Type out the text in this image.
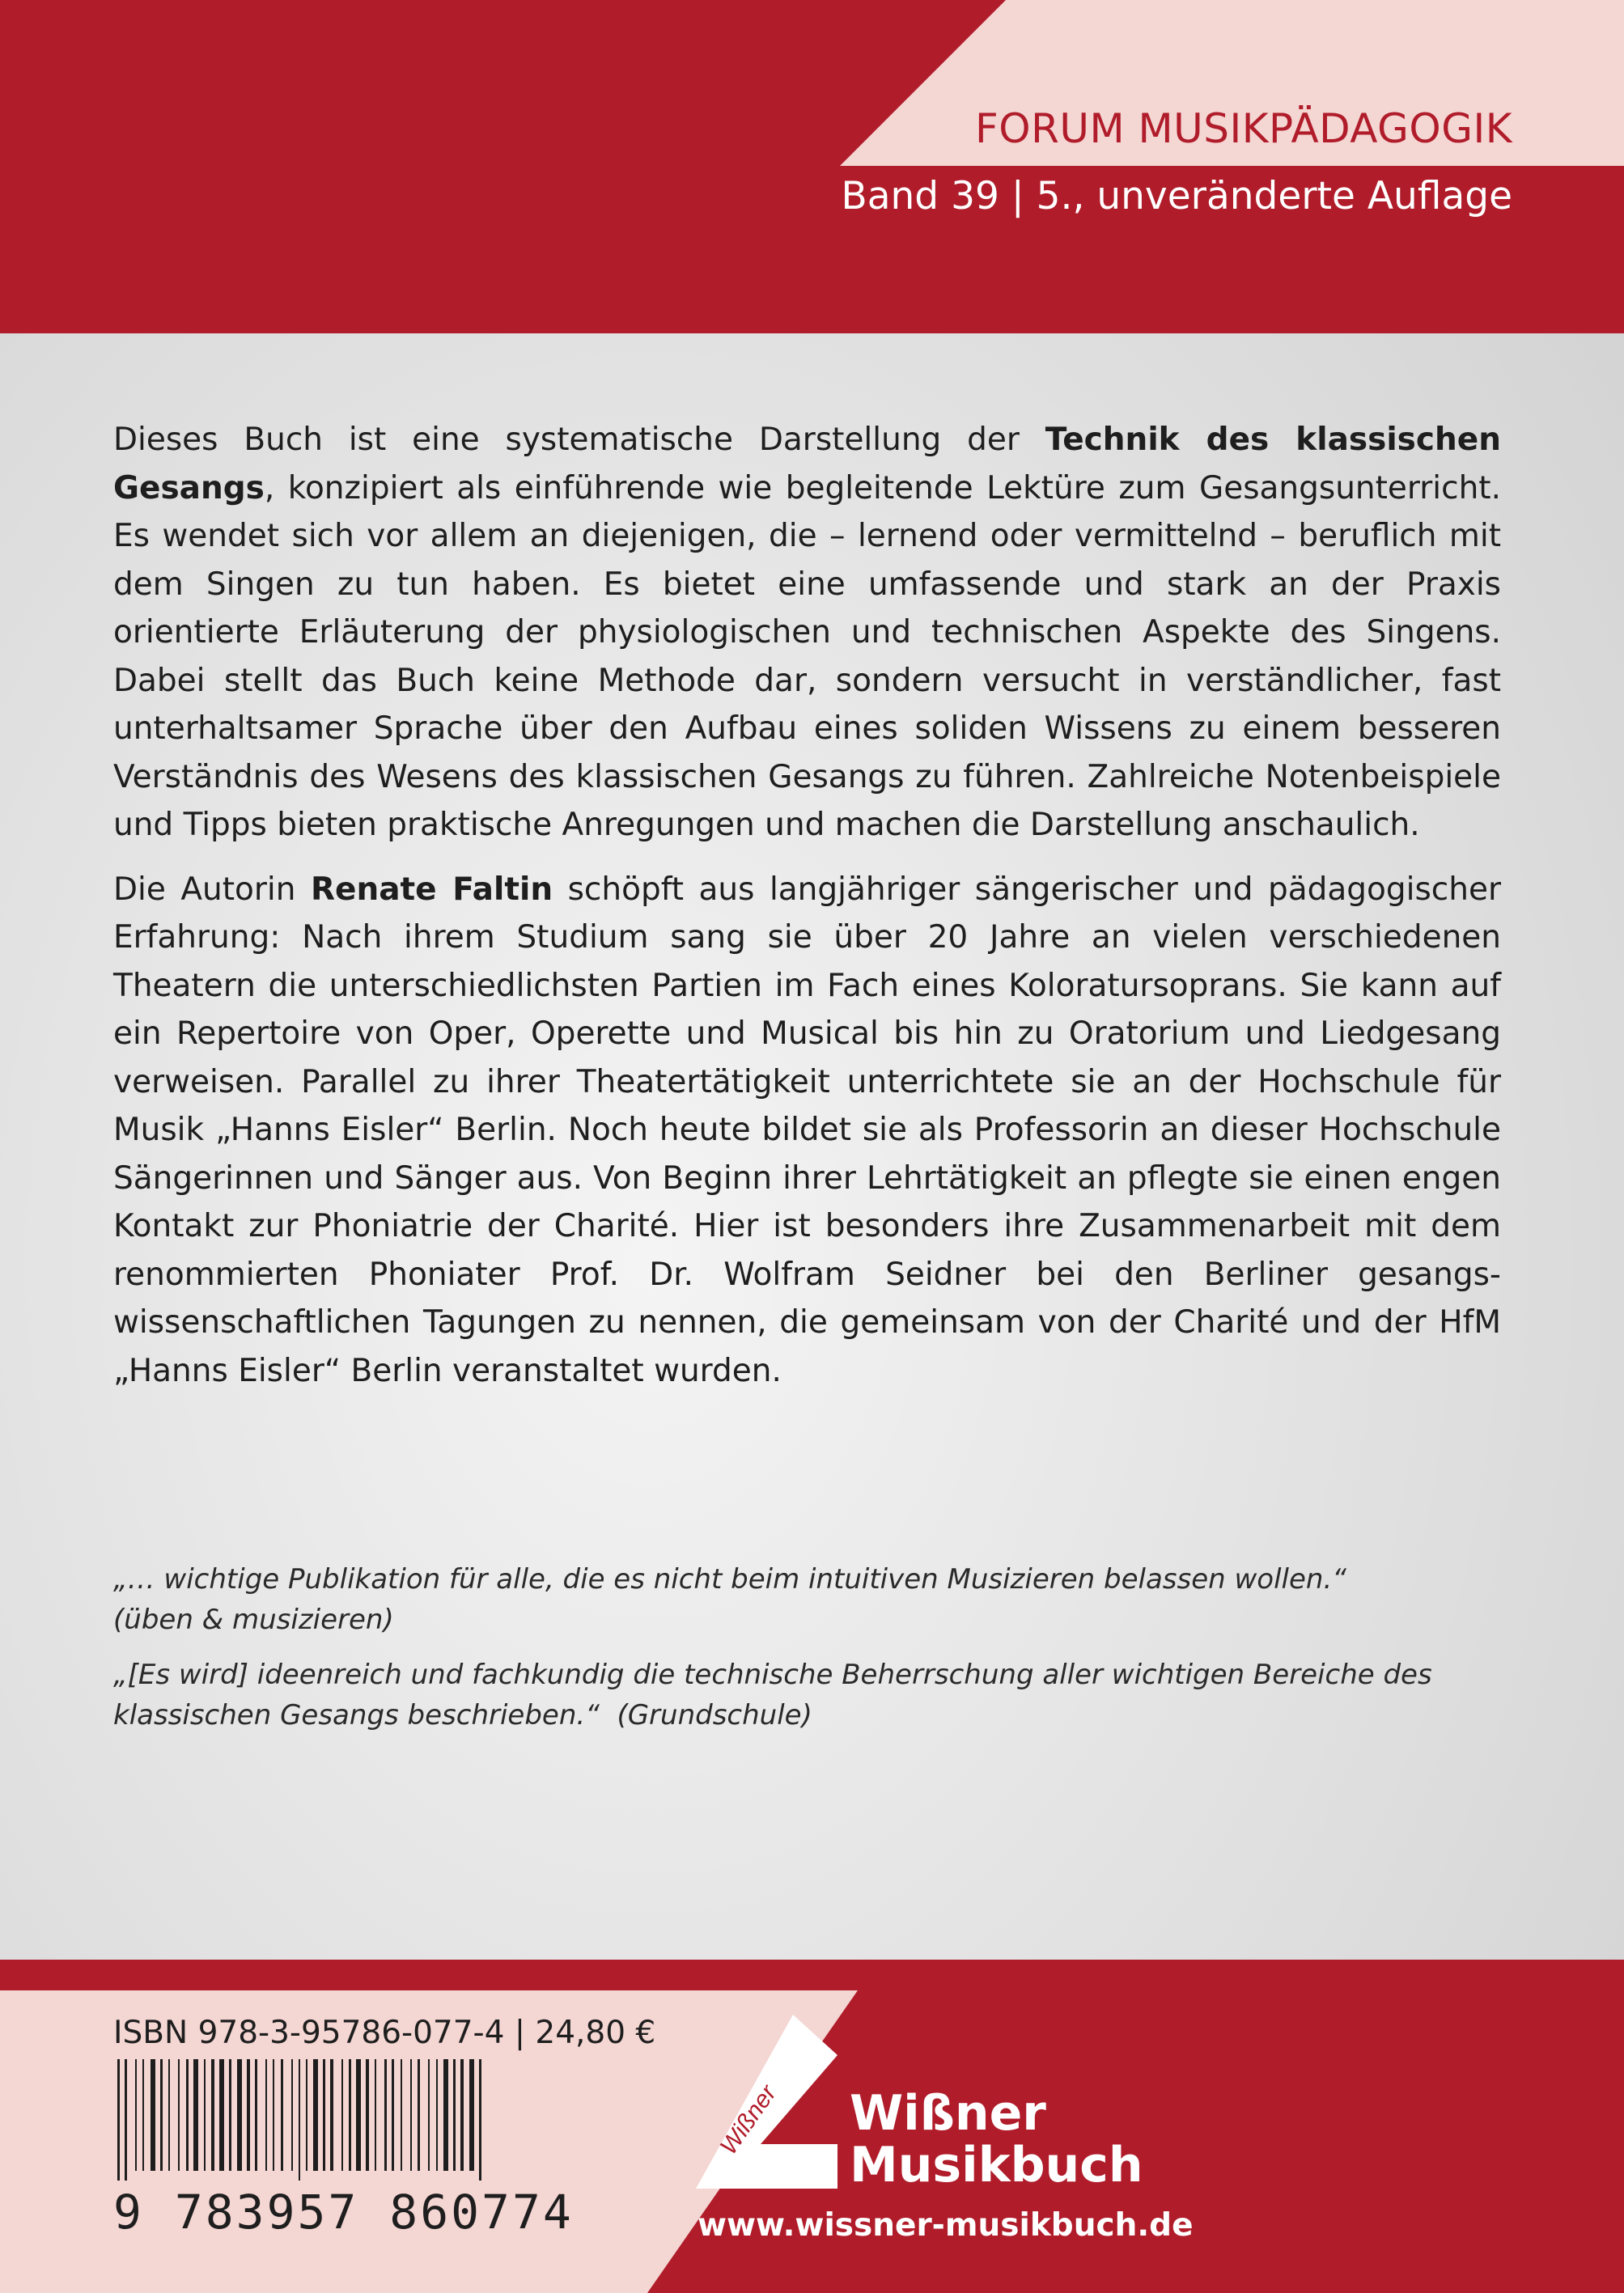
FORUM MUSIKPÄDAGOGIK
Band 39 | 5., unveränderte Auflage

Dieses Buch ist eine systematische Darstellung der Technik des klassischen Gesangs, konzipiert als einführende wie begleitende Lektüre zum Gesangsunterricht. Es wendet sich vor allem an diejenigen, die – lernend oder vermittelnd – beruflich mit dem Singen zu tun haben. Es bietet eine umfassende und stark an der Praxis orientierte Erläuterung der physiologischen und technischen Aspekte des Singens. Dabei stellt das Buch keine Methode dar, sondern versucht in verständlicher, fast unterhaltsamer Sprache über den Aufbau eines soliden Wissens zu einem besseren Verständnis des Wesens des klassischen Gesangs zu führen. Zahlreiche Notenbeispiele und Tipps bieten praktische Anregungen und machen die Darstellung anschaulich.

Die Autorin Renate Faltin schöpft aus langjähriger sängerischer und pädagogischer Erfahrung: Nach ihrem Studium sang sie über 20 Jahre an vielen verschiedenen Theatern die unterschiedlichsten Partien im Fach eines Koloratursoprans. Sie kann auf ein Repertoire von Oper, Operette und Musical bis hin zu Oratorium und Liedgesang verweisen. Parallel zu ihrer Theatertätigkeit unterrichtete sie an der Hochschule für Musik „Hanns Eisler“ Berlin. Noch heute bildet sie als Professorin an dieser Hochschule Sängerinnen und Sänger aus. Von Beginn ihrer Lehrtätigkeit an pflegte sie einen engen Kontakt zur Phoniatrie der Charité. Hier ist besonders ihre Zusammenarbeit mit dem renommierten Phoniater Prof. Dr. Wolfram Seidner bei den Berliner gesangswissenschaftlichen Tagungen zu nennen, die gemeinsam von der Charité und der HfM „Hanns Eisler“ Berlin veranstaltet wurden.

„… wichtige Publikation für alle, die es nicht beim intuitiven Musizieren belassen wollen.“
(üben & musizieren)

„[Es wird] ideenreich und fachkundig die technische Beherrschung aller wichtigen Bereiche des klassischen Gesangs beschrieben.“ (Grundschule)

ISBN 978-3-95786-077-4 | 24,80 €
9 783957 860774
Wißner Wißner
Musikbuch
www.wissner-musikbuch.de
